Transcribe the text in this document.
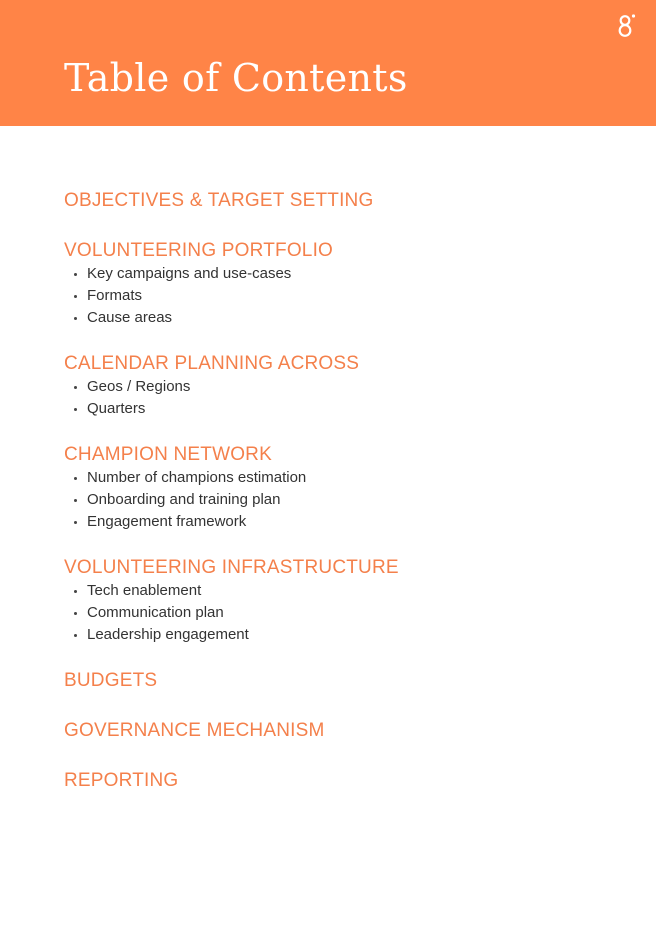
Table of Contents
OBJECTIVES & TARGET SETTING
VOLUNTEERING PORTFOLIO
Key campaigns and use-cases
Formats
Cause areas
CALENDAR PLANNING ACROSS
Geos / Regions
Quarters
CHAMPION NETWORK
Number of champions estimation
Onboarding and training plan
Engagement framework
VOLUNTEERING INFRASTRUCTURE
Tech enablement
Communication plan
Leadership engagement
BUDGETS
GOVERNANCE MECHANISM
REPORTING
